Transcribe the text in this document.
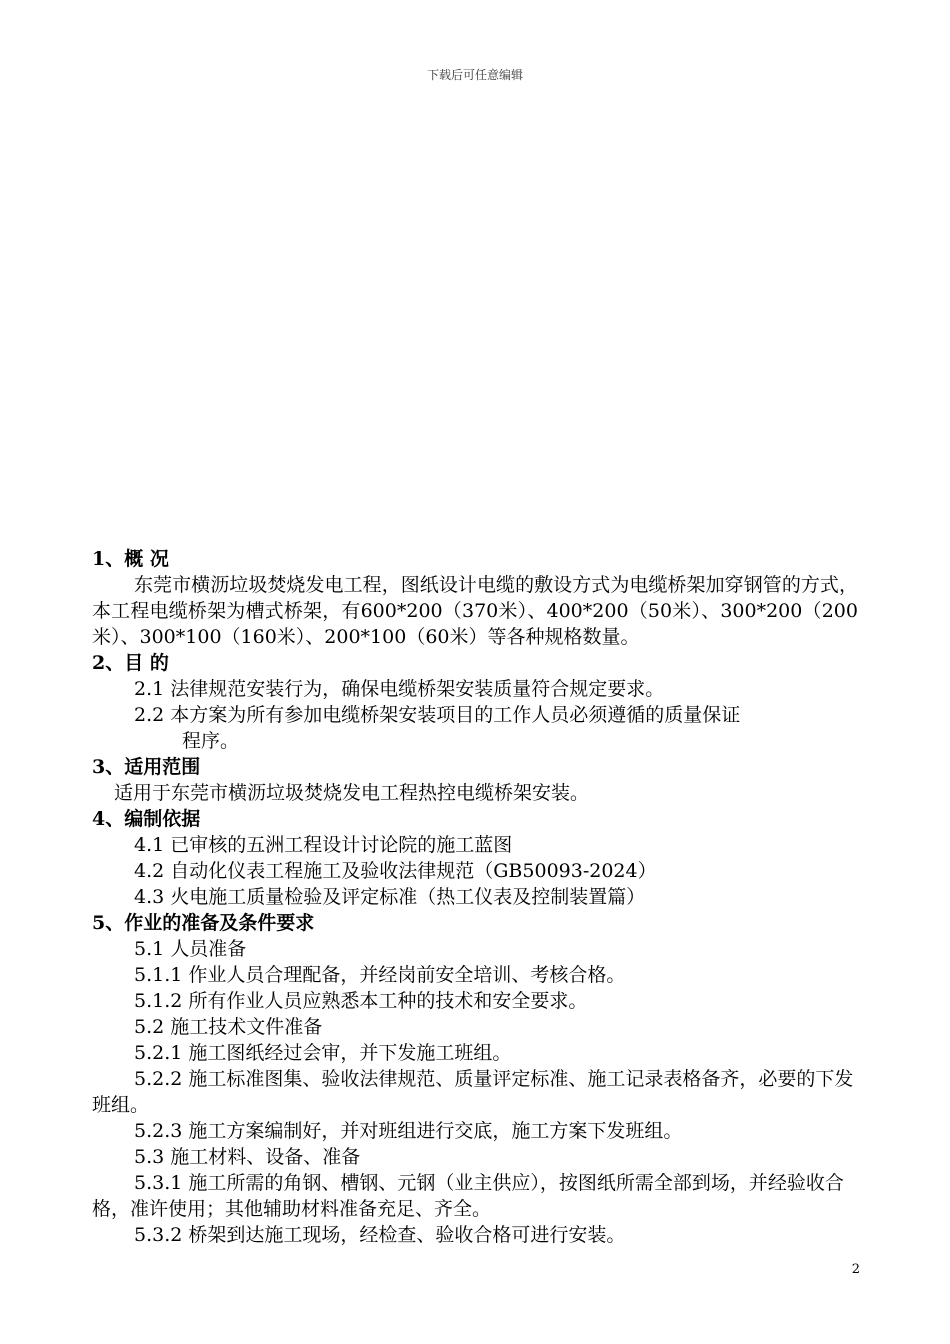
下载后可任意编辑

1、概 况

东莞市横沥垃圾焚烧发电工程，图纸设计电缆的敷设方式为电缆桥架加穿钢管的方式，本工程电缆桥架为槽式桥架，有600*200（370米）、400*200（50米）、300*200（200米）、300*100（160米）、200*100（60米）等各种规格数量。

2、目 的

2.1 法律规范安装行为，确保电缆桥架安装质量符合规定要求。

2.2 本方案为所有参加电缆桥架安装项目的工作人员必须遵循的质量保证

程序。

3、适用范围

适用于东莞市横沥垃圾焚烧发电工程热控电缆桥架安装。

4、编制依据

4.1 已审核的五洲工程设计讨论院的施工蓝图

4.2 自动化仪表工程施工及验收法律规范（GB50093-2024）

4.3 火电施工质量检验及评定标准（热工仪表及控制装置篇）

5、作业的准备及条件要求

5.1 人员准备

5.1.1 作业人员合理配备，并经岗前安全培训、考核合格。

5.1.2 所有作业人员应熟悉本工种的技术和安全要求。

5.2 施工技术文件准备

5.2.1 施工图纸经过会审，并下发施工班组。

5.2.2 施工标准图集、验收法律规范、质量评定标准、施工记录表格备齐，必要的下发班组。

5.2.3 施工方案编制好，并对班组进行交底，施工方案下发班组。

5.3 施工材料、设备、准备

5.3.1 施工所需的角钢、槽钢、元钢（业主供应），按图纸所需全部到场，并经验收合格，准许使用；其他辅助材料准备充足、齐全。

5.3.2 桥架到达施工现场，经检查、验收合格可进行安装。

2
